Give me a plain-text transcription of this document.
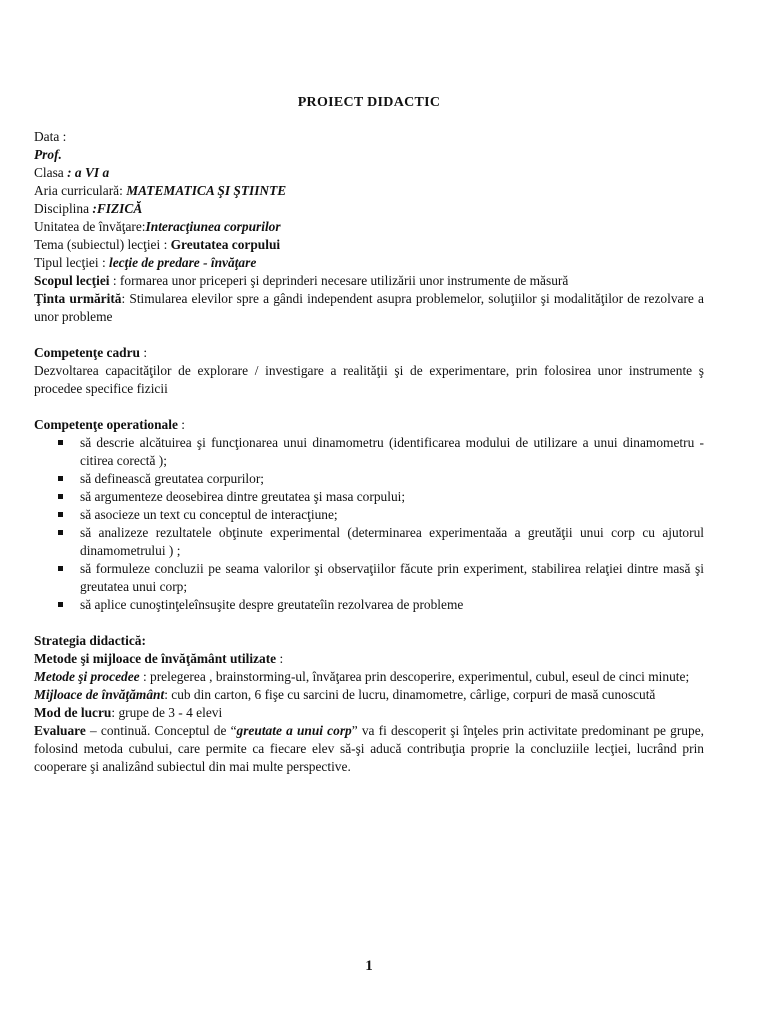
PROIECT DIDACTIC

Data :

Prof.

Clasa : a VI a

Aria curriculară: MATEMATICA ŞI ŞTIINTE

Disciplina :FIZICĂ

Unitatea de învăţare:Interacţiunea corpurilor

Tema (subiectul) lecţiei : Greutatea corpului

Tipul lecţiei : lecţie de predare - învăţare

Scopul lecţiei : formarea unor priceperi şi deprinderi necesare utilizării unor instrumente de măsură

Ţinta urmărită: Stimularea elevilor spre a gândi independent asupra problemelor, soluţiilor şi modalităţilor de rezolvare a unor probleme

Competenţe cadru :

Dezvoltarea capacităţilor de explorare / investigare a realităţii şi de experimentare, prin folosirea unor instrumente ş procedee specifice fizicii

Competenţe operationale :

să descrie alcătuirea şi funcţionarea unui dinamometru (identificarea modului de utilizare a unui dinamometru - citirea corectă );
să definească greutatea corpurilor;
să argumenteze deosebirea dintre greutatea şi masa corpului;
să asocieze un text cu conceptul de interacţiune;
să analizeze rezultatele obţinute experimental (determinarea experimentaăa a greutăţii unui corp cu ajutorul dinamometrului ) ;
să formuleze concluzii pe seama valorilor şi observaţiilor făcute prin experiment, stabilirea relaţiei dintre masă şi greutatea unui corp;
să aplice cunoştinţeleînsuşite despre greutateîin rezolvarea de probleme

Strategia didactică:

Metode şi mijloace de învăţământ utilizate :

Metode şi procedee : prelegerea , brainstorming-ul, învăţarea prin descoperire, experimentul, cubul, eseul de cinci minute;

Mijloace de învăţământ: cub din carton, 6 fişe cu sarcini de lucru, dinamometre, cârlige, corpuri de masă cunoscută

Mod de lucru: grupe de 3 - 4 elevi

Evaluare – continuă. Conceptul de “greutate a unui corp” va fi descoperit şi înţeles prin activitate predominant pe grupe, folosind metoda cubului, care permite ca fiecare elev să-şi aducă contribuţia proprie la concluziile lecţiei, lucrând prin cooperare şi analizând subiectul din mai multe perspective.

1
